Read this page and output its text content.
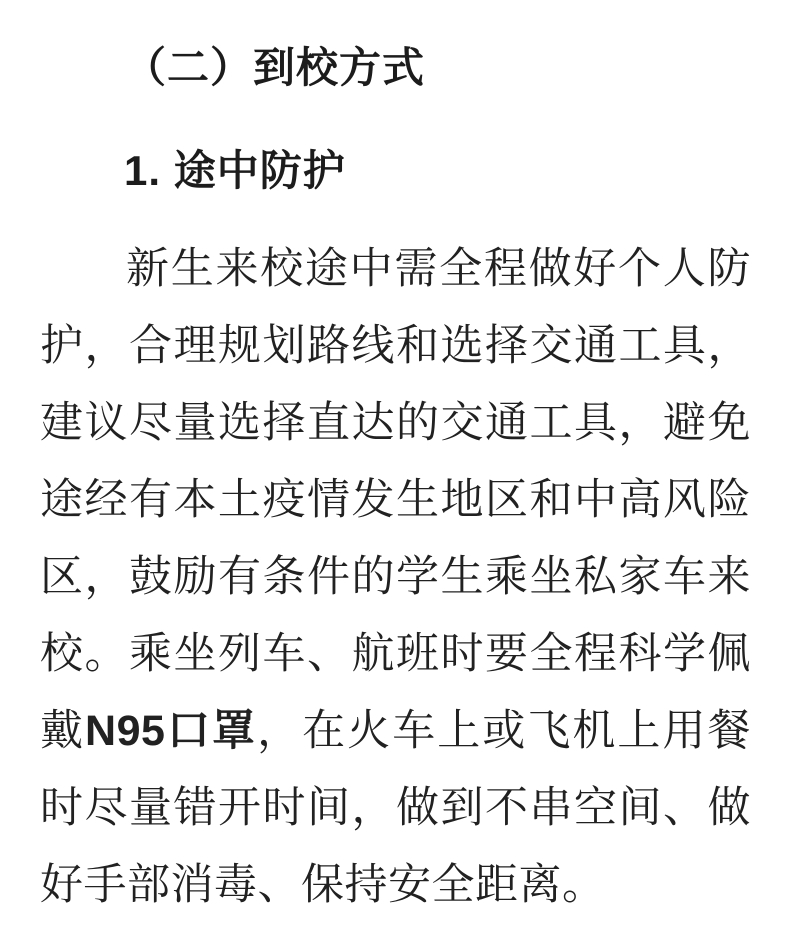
（二）到校方式
1. 途中防护

新生来校途中需全程做好个人防护，合理规划路线和选择交通工具，建议尽量选择直达的交通工具，避免途经有本土疫情发生地区和中高风险区，鼓励有条件的学生乘坐私家车来校。乘坐列车、航班时要全程科学佩戴N95口罩，在火车上或飞机上用餐时尽量错开时间，做到不串空间、做好手部消毒、保持安全距离。
